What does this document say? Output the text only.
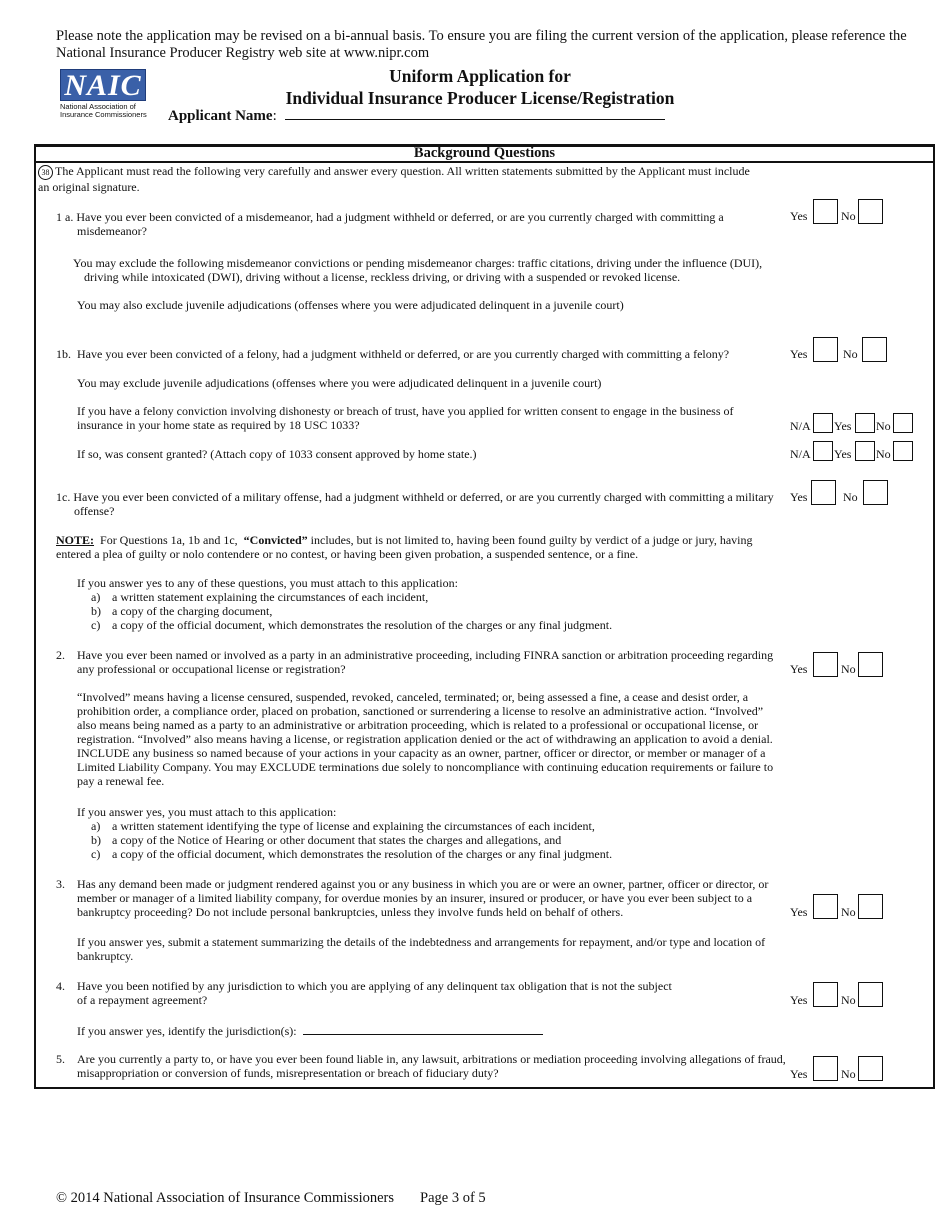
Please note the application may be revised on a bi-annual basis. To ensure you are filing the current version of the application, please reference the National Insurance Producer Registry web site at www.nipr.com
NAIC
National Association of
Insurance Commissioners
Uniform Application for
Individual Insurance Producer License/Registration
Applicant Name:
Background Questions
38 The Applicant must read the following very carefully and answer every question. All written statements submitted by the Applicant must include an original signature.
1 a. Have you ever been convicted of a misdemeanor, had a judgment withheld or deferred, or are you currently charged with committing a misdemeanor?
Yes	No
You may exclude the following misdemeanor convictions or pending misdemeanor charges: traffic citations, driving under the influence (DUI), driving while intoxicated (DWI), driving without a license, reckless driving, or driving with a suspended or revoked license.
You may also exclude juvenile adjudications (offenses where you were adjudicated delinquent in a juvenile court)
1b. Have you ever been convicted of a felony, had a judgment withheld or deferred, or are you currently charged with committing a felony?	Yes	No
You may exclude juvenile adjudications (offenses where you were adjudicated delinquent in a juvenile court)
If you have a felony conviction involving dishonesty or breach of trust, have you applied for written consent to engage in the business of insurance in your home state as required by 18 USC 1033?	N/A Yes No
If so, was consent granted? (Attach copy of 1033 consent approved by home state.)	N/A Yes No
1c. Have you ever been convicted of a military offense, had a judgment withheld or deferred, or are you currently charged with committing a military offense?
Yes	No
NOTE: For Questions 1a, 1b and 1c, “Convicted” includes, but is not limited to, having been found guilty by verdict of a judge or jury, having entered a plea of guilty or nolo contendere or no contest, or having been given probation, a suspended sentence, or a fine.
If you answer yes to any of these questions, you must attach to this application:
a) a written statement explaining the circumstances of each incident,
b) a copy of the charging document,
c) a copy of the official document, which demonstrates the resolution of the charges or any final judgment.
2. Have you ever been named or involved as a party in an administrative proceeding, including FINRA sanction or arbitration proceeding regarding any professional or occupational license or registration?	Yes	No
“Involved” means having a license censured, suspended, revoked, canceled, terminated; or, being assessed a fine, a cease and desist order, a prohibition order, a compliance order, placed on probation, sanctioned or surrendering a license to resolve an administrative action. “Involved” also means being named as a party to an administrative or arbitration proceeding, which is related to a professional or occupational license, or registration. “Involved” also means having a license, or registration application denied or the act of withdrawing an application to avoid a denial. INCLUDE any business so named because of your actions in your capacity as an owner, partner, officer or director, or member or manager of a Limited Liability Company. You may EXCLUDE terminations due solely to noncompliance with continuing education requirements or failure to pay a renewal fee.
If you answer yes, you must attach to this application:
a) a written statement identifying the type of license and explaining the circumstances of each incident,
b) a copy of the Notice of Hearing or other document that states the charges and allegations, and
c) a copy of the official document, which demonstrates the resolution of the charges or any final judgment.
3. Has any demand been made or judgment rendered against you or any business in which you are or were an owner, partner, officer or director, or member or manager of a limited liability company, for overdue monies by an insurer, insured or producer, or have you ever been subject to a bankruptcy proceeding? Do not include personal bankruptcies, unless they involve funds held on behalf of others.	Yes	No
If you answer yes, submit a statement summarizing the details of the indebtedness and arrangements for repayment, and/or type and location of bankruptcy.
4. Have you been notified by any jurisdiction to which you are applying of any delinquent tax obligation that is not the subject
of a repayment agreement?	Yes	No
If you answer yes, identify the jurisdiction(s):
5. Are you currently a party to, or have you ever been found liable in, any lawsuit, arbitrations or mediation proceeding involving allegations of fraud, misappropriation or conversion of funds, misrepresentation or breach of fiduciary duty?	Yes	No
© 2014 National Association of Insurance Commissioners Page 3 of 5
